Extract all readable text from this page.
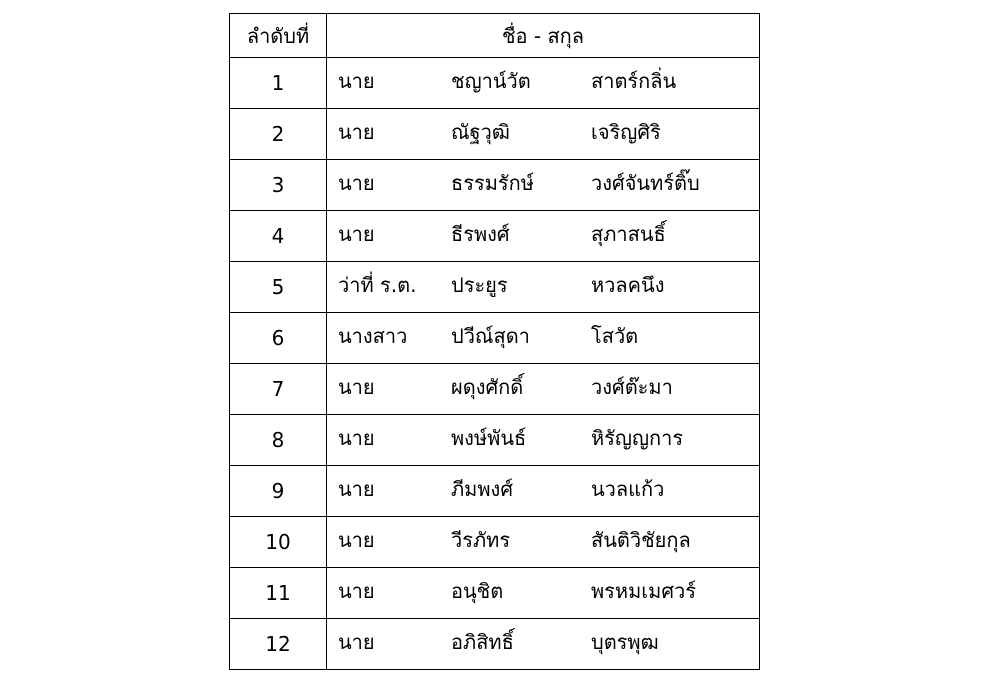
ลำดับที่	ชื่อ - สกุล
1	นาย ชญาน์วัต สาตร์กลิ่น

2	นาย ณัฐวุฒิ เจริญศิริ

3	นาย ธรรมรักษ์ วงศ์จันทร์ติ๊บ

4	นาย ธีรพงศ์ สุภาสนธิ์

5	ว่าที่ ร.ต. ประยูร หวลคนึง

6	นางสาว ปวีณ์สุดา โสวัต

7	นาย ผดุงศักดิ์ วงศ์ต๊ะมา

8	นาย พงษ์พันธ์ หิรัญญการ

9	นาย ภีมพงศ์ นวลแก้ว

10	นาย วีรภัทร สันติวิชัยกุล

11	นาย อนุชิต พรหมเมศวร์

12	นาย อภิสิทธิ์ บุตรพุฒ
